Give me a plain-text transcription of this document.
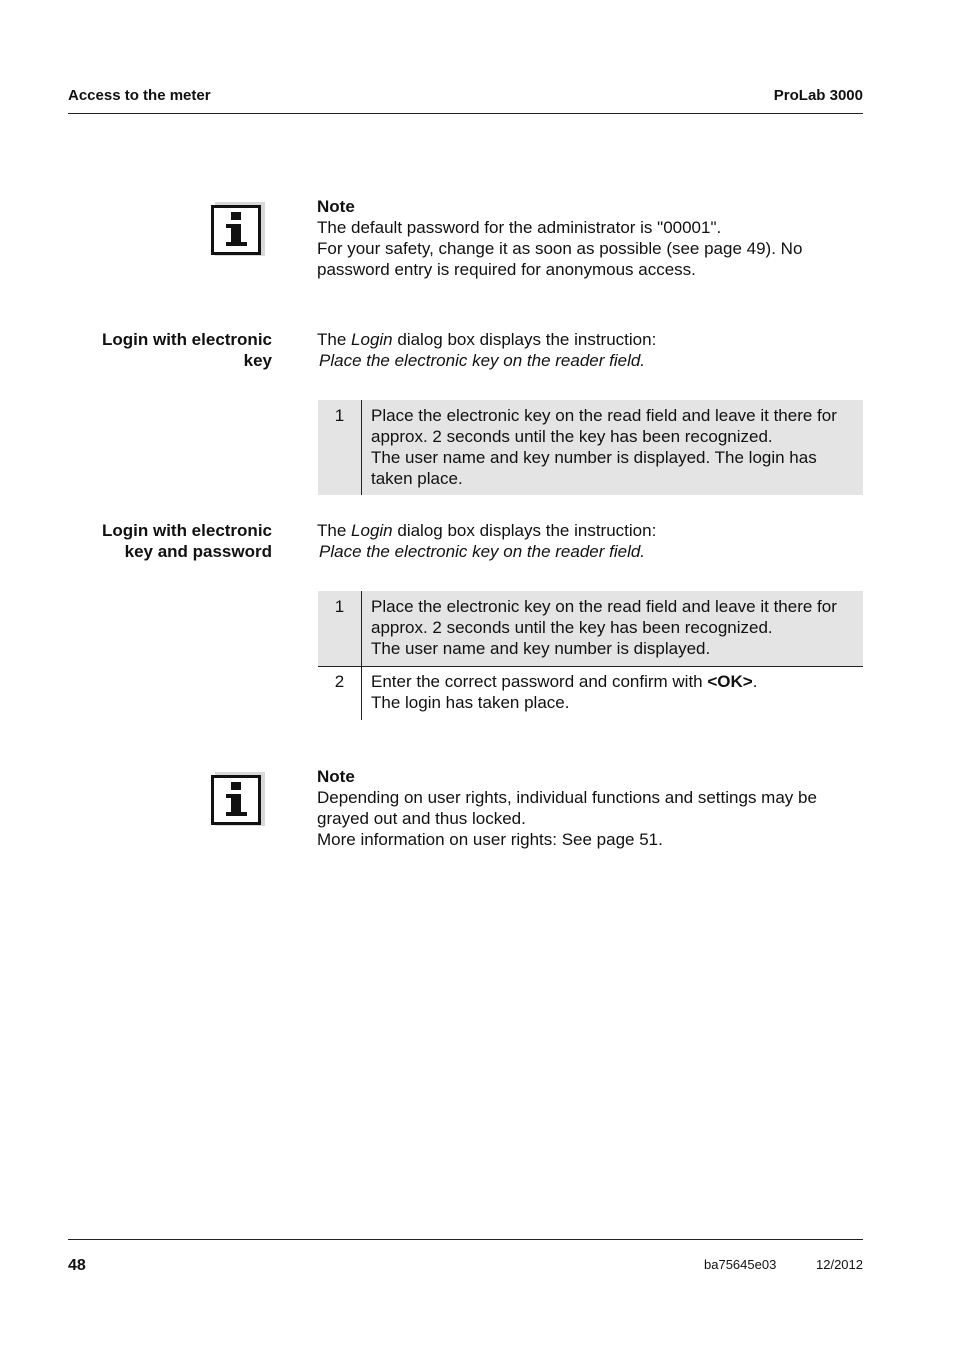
Access to the meter	ProLab 3000
Note
The default password for the administrator is "00001".
For your safety, change it as soon as possible (see page 49). No
password entry is required for anonymous access.
Login with electronic
key
The Login dialog box displays the instruction:
Place the electronic key on the reader field.
1	Place the electronic key on the read field and leave it there for
approx. 2 seconds until the key has been recognized.
The user name and key number is displayed. The login has
taken place.
Login with electronic
key and password
The Login dialog box displays the instruction:
Place the electronic key on the reader field.
1	Place the electronic key on the read field and leave it there for
approx. 2 seconds until the key has been recognized.
The user name and key number is displayed.
2	Enter the correct password and confirm with <OK>.
The login has taken place.
Note
Depending on user rights, individual functions and settings may be
grayed out and thus locked.
More information on user rights: See page 51.
48	ba75645e03	12/2012
